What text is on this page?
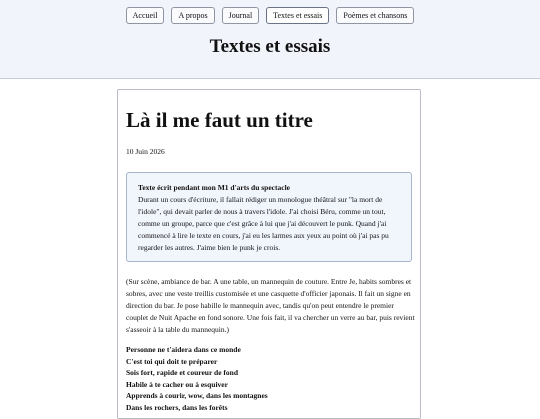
Accueil	A propos	Journal	Textes et essais	Poèmes et chansons
Textes et essais
Là il me faut un titre
10 Juin 2026
Texte écrit pendant mon M1 d'arts du spectacle
Durant un cours d'écriture, il fallait rédiger un monologue théâtral sur "la mort de l'idole", qui devait parler de nous à travers l'idole. J'ai choisi Béru, comme un tout, comme un groupe, parce que c'est grâce à lui que j'ai découvert le punk. Quand j'ai commencé à lire le texte en cours, j'ai eu les larmes aux yeux au point où j'ai pas pu regarder les autres. J'aime bien le punk je crois.
(Sur scène, ambiance de bar. A une table, un mannequin de couture. Entre Je, habits sombres et sobres, avec une veste treillis customisée et une casquette d'officier japonais. Il fait un signe en direction du bar. Je pose habille le mannequin avec, tandis qu'on peut entendre le premier couplet de Nuit Apache en fond sonore. Une fois fait, il va chercher un verre au bar, puis revient s'asseoir à la table du mannequin.)
Personne ne t'aidera dans ce monde
C'est toi qui doit te préparer
Sois fort, rapide et coureur de fond
Habile à te cacher ou à esquiver
Apprends à courir, wow, dans les montagnes
Dans les rochers, dans les forêts
